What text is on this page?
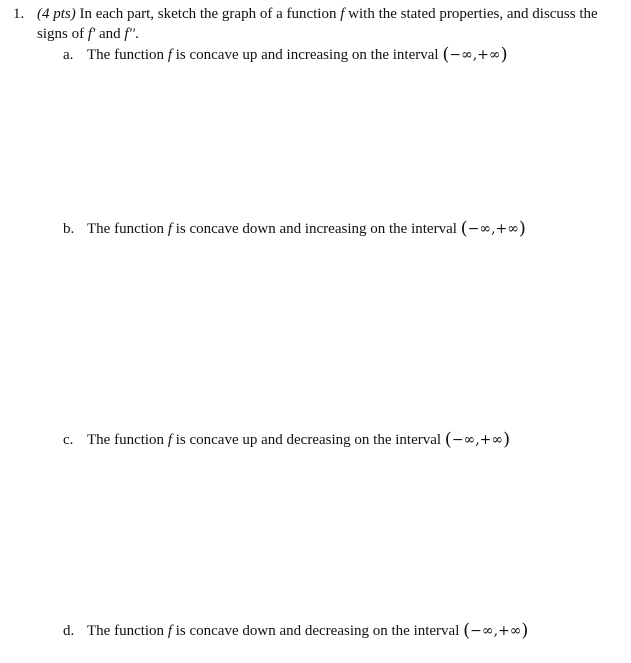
1. (4 pts) In each part, sketch the graph of a function f with the stated properties, and discuss the signs of f' and f''.
a. The function f is concave up and increasing on the interval (−∞,+∞)
b. The function f is concave down and increasing on the interval (−∞,+∞)
c. The function f is concave up and decreasing on the interval (−∞,+∞)
d. The function f is concave down and decreasing on the interval (−∞,+∞)
